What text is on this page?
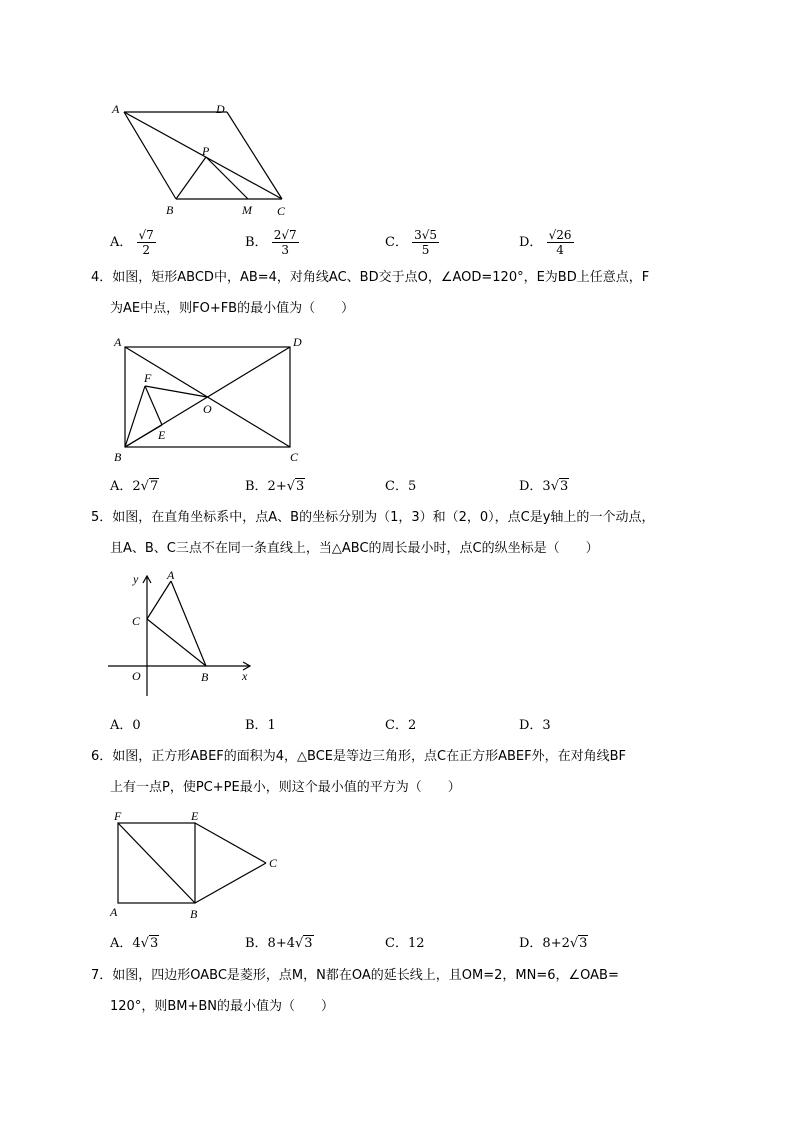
A	D
P
B	M C
A． $\frac{√7}{2}$	B． $\frac{2√7}{3}$	C． $\frac{3√5}{5}$	D． $\frac{√26}{4}$
4．如图，矩形ABCD中，AB=4，对角线AC、BD交于点O，∠AOD=120°，E为BD上任意点，F
为AE中点，则FO+FB的最小值为（　　）
A	D
F
O
E
B	C
A．2√7	B．2+√3	C．5	D．3√3
5．如图，在直角坐标系中，点A、B的坐标分别为（1，3）和（2，0），点C是y轴上的一个动点，
且A、B、C三点不在同一条直线上，当△ABC的周长最小时，点C的纵坐标是（　　）
y A
C
O	B	x
A．0	B．1	C．2	D．3
6．如图，正方形ABEF的面积为4，△BCE是等边三角形，点C在正方形ABEF外，在对角线BF
上有一点P，使PC+PE最小，则这个最小值的平方为（　　）
F	E
C
A	B
A．4√3	B．8+4√3	C．12	D．8+2√3
7．如图，四边形OABC是菱形，点M，N都在OA的延长线上，且OM=2，MN=6，∠OAB=
120°，则BM+BN的最小值为（　　）
